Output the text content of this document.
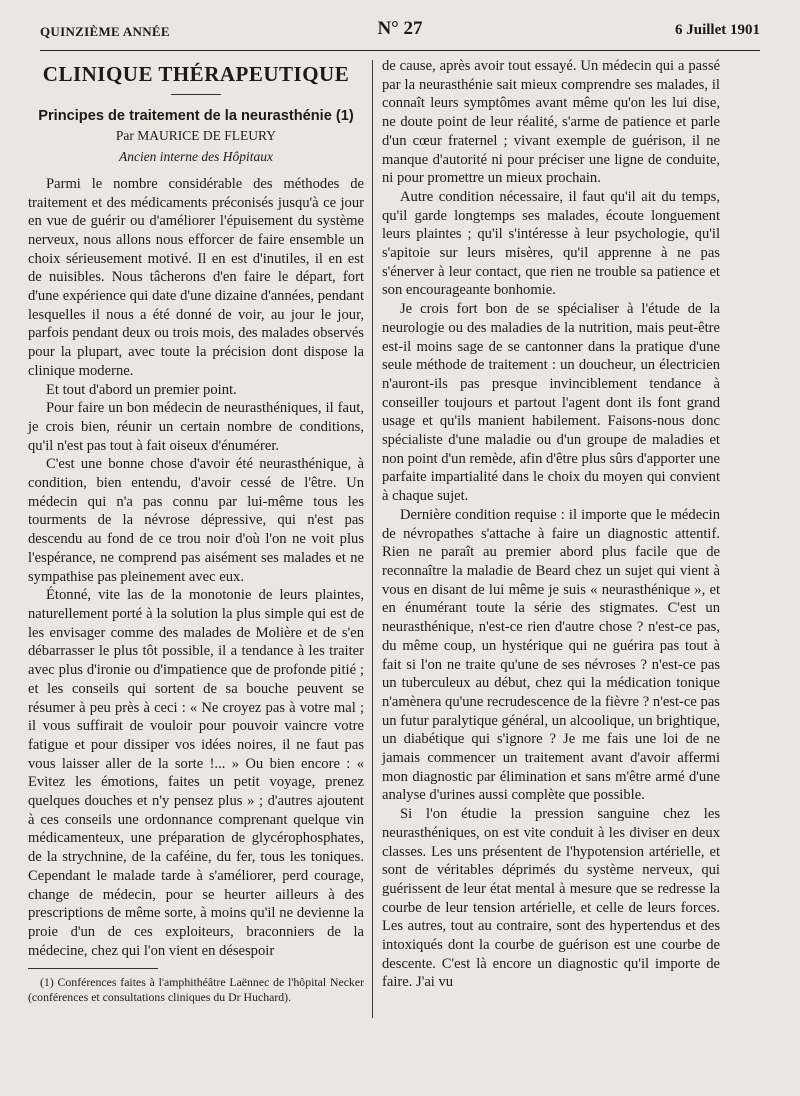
QUINZIÈME ANNÉE	N° 27	6 Juillet 1901
CLINIQUE THÉRAPEUTIQUE
Principes de traitement de la neurasthénie (1)
Par MAURICE DE FLEURY
Ancien interne des Hôpitaux

Parmi le nombre considérable des méthodes de traitement et des médicaments préconisés jusqu'à ce jour en vue de guérir ou d'améliorer l'épuisement du système nerveux, nous allons nous efforcer de faire ensemble un choix sérieusement motivé. Il en est d'inutiles, il en est de nuisibles. Nous tâcherons d'en faire le départ, fort d'une expérience qui date d'une dizaine d'années, pendant lesquelles il nous a été donné de voir, au jour le jour, parfois pendant deux ou trois mois, des malades observés pour la plupart, avec toute la précision dont dispose la clinique moderne.

Et tout d'abord un premier point.

Pour faire un bon médecin de neurasthéniques, il faut, je crois bien, réunir un certain nombre de conditions, qu'il n'est pas tout à fait oiseux d'énumérer.

C'est une bonne chose d'avoir été neurasthénique, à condition, bien entendu, d'avoir cessé de l'être. Un médecin qui n'a pas connu par lui-même tous les tourments de la névrose dépressive, qui n'est pas descendu au fond de ce trou noir d'où l'on ne voit plus l'espérance, ne comprend pas aisément ses malades et ne sympathise pas pleinement avec eux.

Étonné, vite las de la monotonie de leurs plaintes, naturellement porté à la solution la plus simple qui est de les envisager comme des malades de Molière et de s'en débarrasser le plus tôt possible, il a tendance à les traiter avec plus d'ironie ou d'impatience que de profonde pitié ; et les conseils qui sortent de sa bouche peuvent se résumer à peu près à ceci : « Ne croyez pas à votre mal ; il vous suffirait de vouloir pour pouvoir vaincre votre fatigue et pour dissiper vos idées noires, il ne faut pas vous laisser aller de la sorte !... » Ou bien encore : « Evitez les émotions, faites un petit voyage, prenez quelques douches et n'y pensez plus » ; d'autres ajoutent à ces conseils une ordonnance comprenant quelque vin médicamenteux, une préparation de glycérophosphates, de la strychnine, de la caféine, du fer, tous les toniques. Cependant le malade tarde à s'améliorer, perd courage, change de médecin, pour se heurter ailleurs à des prescriptions de même sorte, à moins qu'il ne devienne la proie d'un de ces exploiteurs, braconniers de la médecine, chez qui l'on vient en désespoir

(1) Conférences faites à l'amphithéâtre Laënnec de l'hôpital Necker (conférences et consultations cliniques du Dr Huchard).

de cause, après avoir tout essayé. Un médecin qui a passé par la neurasthénie sait mieux comprendre ses malades, il connaît leurs symptômes avant même qu'on les lui dise, ne doute point de leur réalité, s'arme de patience et parle d'un cœur fraternel ; vivant exemple de guérison, il ne manque d'autorité ni pour préciser une ligne de conduite, ni pour promettre un mieux prochain.

Autre condition nécessaire, il faut qu'il ait du temps, qu'il garde longtemps ses malades, écoute longuement leurs plaintes ; qu'il s'intéresse à leur psychologie, qu'il s'apitoie sur leurs misères, qu'il apprenne à ne pas s'énerver à leur contact, que rien ne trouble sa patience et son encourageante bonhomie.

Je crois fort bon de se spécialiser à l'étude de la neurologie ou des maladies de la nutrition, mais peut-être est-il moins sage de se cantonner dans la pratique d'une seule méthode de traitement : un doucheur, un électricien n'auront-ils pas presque invinciblement tendance à conseiller toujours et partout l'agent dont ils font grand usage et qu'ils manient habilement. Faisons-nous donc spécialiste d'une maladie ou d'un groupe de maladies et non point d'un remède, afin d'être plus sûrs d'apporter une parfaite impartialité dans le choix du moyen qui convient à chaque sujet.

Dernière condition requise : il importe que le médecin de névropathes s'attache à faire un diagnostic attentif. Rien ne paraît au premier abord plus facile que de reconnaître la maladie de Beard chez un sujet qui vient à vous en disant de lui même je suis « neurasthénique », et en énumérant toute la série des stigmates. C'est un neurasthénique, n'est-ce rien d'autre chose ? n'est-ce pas, du même coup, un hystérique qui ne guérira pas tout à fait si l'on ne traite qu'une de ses névroses ? n'est-ce pas un tuberculeux au début, chez qui la médication tonique n'amènera qu'une recrudescence de la fièvre ? n'est-ce pas un futur paralytique général, un alcoolique, un brightique, un diabétique qui s'ignore ? Je me fais une loi de ne jamais commencer un traitement avant d'avoir affermi mon diagnostic par élimination et sans m'être armé d'une analyse d'urines aussi complète que possible.

Si l'on étudie la pression sanguine chez les neurasthéniques, on est vite conduit à les diviser en deux classes. Les uns présentent de l'hypotension artérielle, et sont de véritables déprimés du système nerveux, qui guérissent de leur état mental à mesure que se redresse la courbe de leur tension artérielle, et celle de leurs forces. Les autres, tout au contraire, sont des hypertendus et des intoxiqués dont la courbe de guérison est une courbe de descente. C'est là encore un diagnostic qu'il importe de faire. J'ai vu
